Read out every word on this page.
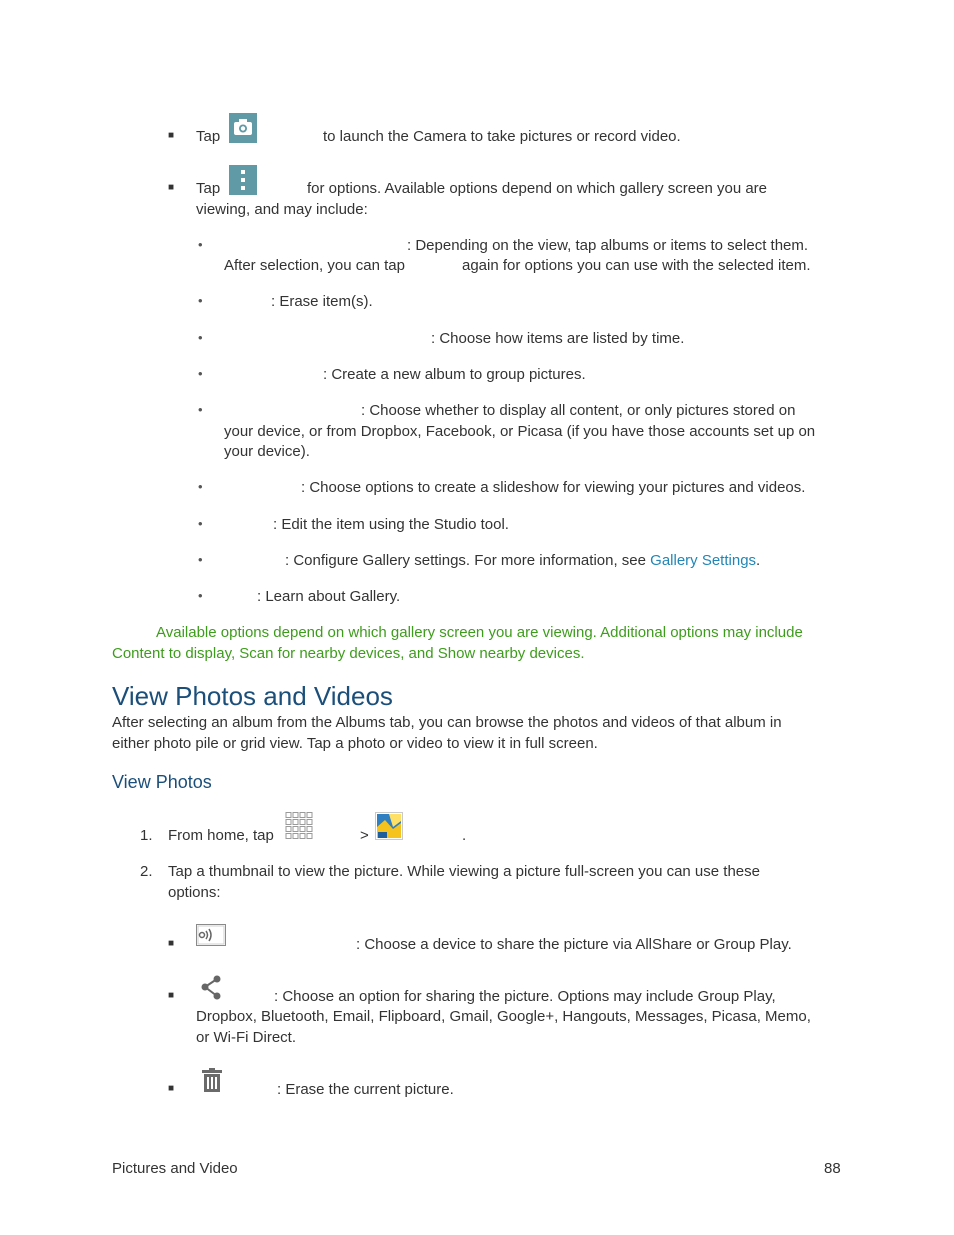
■ Tap	to launch the Camera to take pictures or record video.
■ Tap	for options. Available options depend on which gallery screen you are
viewing, and may include:
•	: Depending on the view, tap albums or items to select them.
After selection, you can tap	again for options you can use with the selected item.
•	: Erase item(s).
•	: Choose how items are listed by time.
•	: Create a new album to group pictures.
•	: Choose whether to display all content, or only pictures stored on
your device, or from Dropbox, Facebook, or Picasa (if you have those accounts set up on
your device).
•	: Choose options to create a slideshow for viewing your pictures and videos.
•	: Edit the item using the Studio tool.
•	: Configure Gallery settings. For more information, see Gallery Settings.
•	: Learn about Gallery.
Available options depend on which gallery screen you are viewing. Additional options may include
Content to display, Scan for nearby devices, and Show nearby devices.
View Photos and Videos
After selecting an album from the Albums tab, you can browse the photos and videos of that album in
either photo pile or grid view. Tap a photo or video to view it in full screen.
View Photos
1. From home, tap	>	.
2. Tap a thumbnail to view the picture. While viewing a picture full-screen you can use these
options:
■	: Choose a device to share the picture via AllShare or Group Play.
■	: Choose an option for sharing the picture. Options may include Group Play,
Dropbox, Bluetooth, Email, Flipboard, Gmail, Google+, Hangouts, Messages, Picasa, Memo,
or Wi-Fi Direct.
■	: Erase the current picture.
Pictures and Video	88
